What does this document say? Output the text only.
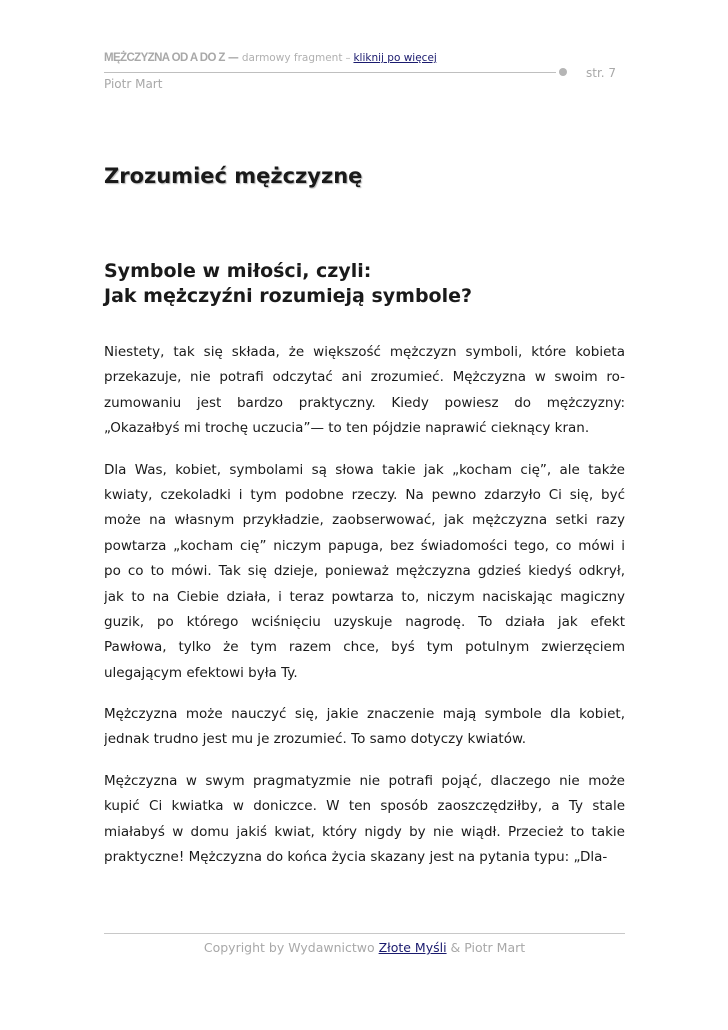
MĘŻCZYZNA OD A DO Z — darmowy fragment – kliknij po więcej
str. 7
Piotr Mart
Zrozumieć mężczyznę
Symbole w miłości, czyli:
Jak mężczyźni rozumieją symbole?
Niestety, tak się składa, że większość mężczyzn symboli, które kobieta
przekazuje, nie potrafi odczytać ani zrozumieć. Mężczyzna w swoim ro-
zumowaniu jest bardzo praktyczny. Kiedy powiesz do mężczyzny:
„Okazałbyś mi trochę uczucia”— to ten pójdzie naprawić cieknący kran.
Dla Was, kobiet, symbolami są słowa takie jak „kocham cię”, ale także
kwiaty, czekoladki i tym podobne rzeczy. Na pewno zdarzyło Ci się, być
może na własnym przykładzie, zaobserwować, jak mężczyzna setki razy
powtarza „kocham cię” niczym papuga, bez świadomości tego, co mówi i
po co to mówi. Tak się dzieje, ponieważ mężczyzna gdzieś kiedyś odkrył,
jak to na Ciebie działa, i teraz powtarza to, niczym naciskając magiczny
guzik, po którego wciśnięciu uzyskuje nagrodę. To działa jak efekt
Pawłowa, tylko że tym razem chce, byś tym potulnym zwierzęciem
ulegającym efektowi była Ty.
Mężczyzna może nauczyć się, jakie znaczenie mają symbole dla kobiet,
jednak trudno jest mu je zrozumieć. To samo dotyczy kwiatów.
Mężczyzna w swym pragmatyzmie nie potrafi pojąć, dlaczego nie może
kupić Ci kwiatka w doniczce. W ten sposób zaoszczędziłby, a Ty stale
miałabyś w domu jakiś kwiat, który nigdy by nie wiądł. Przecież to takie
praktyczne! Mężczyzna do końca życia skazany jest na pytania typu: „Dla-
Copyright by Wydawnictwo Złote Myśli & Piotr Mart
